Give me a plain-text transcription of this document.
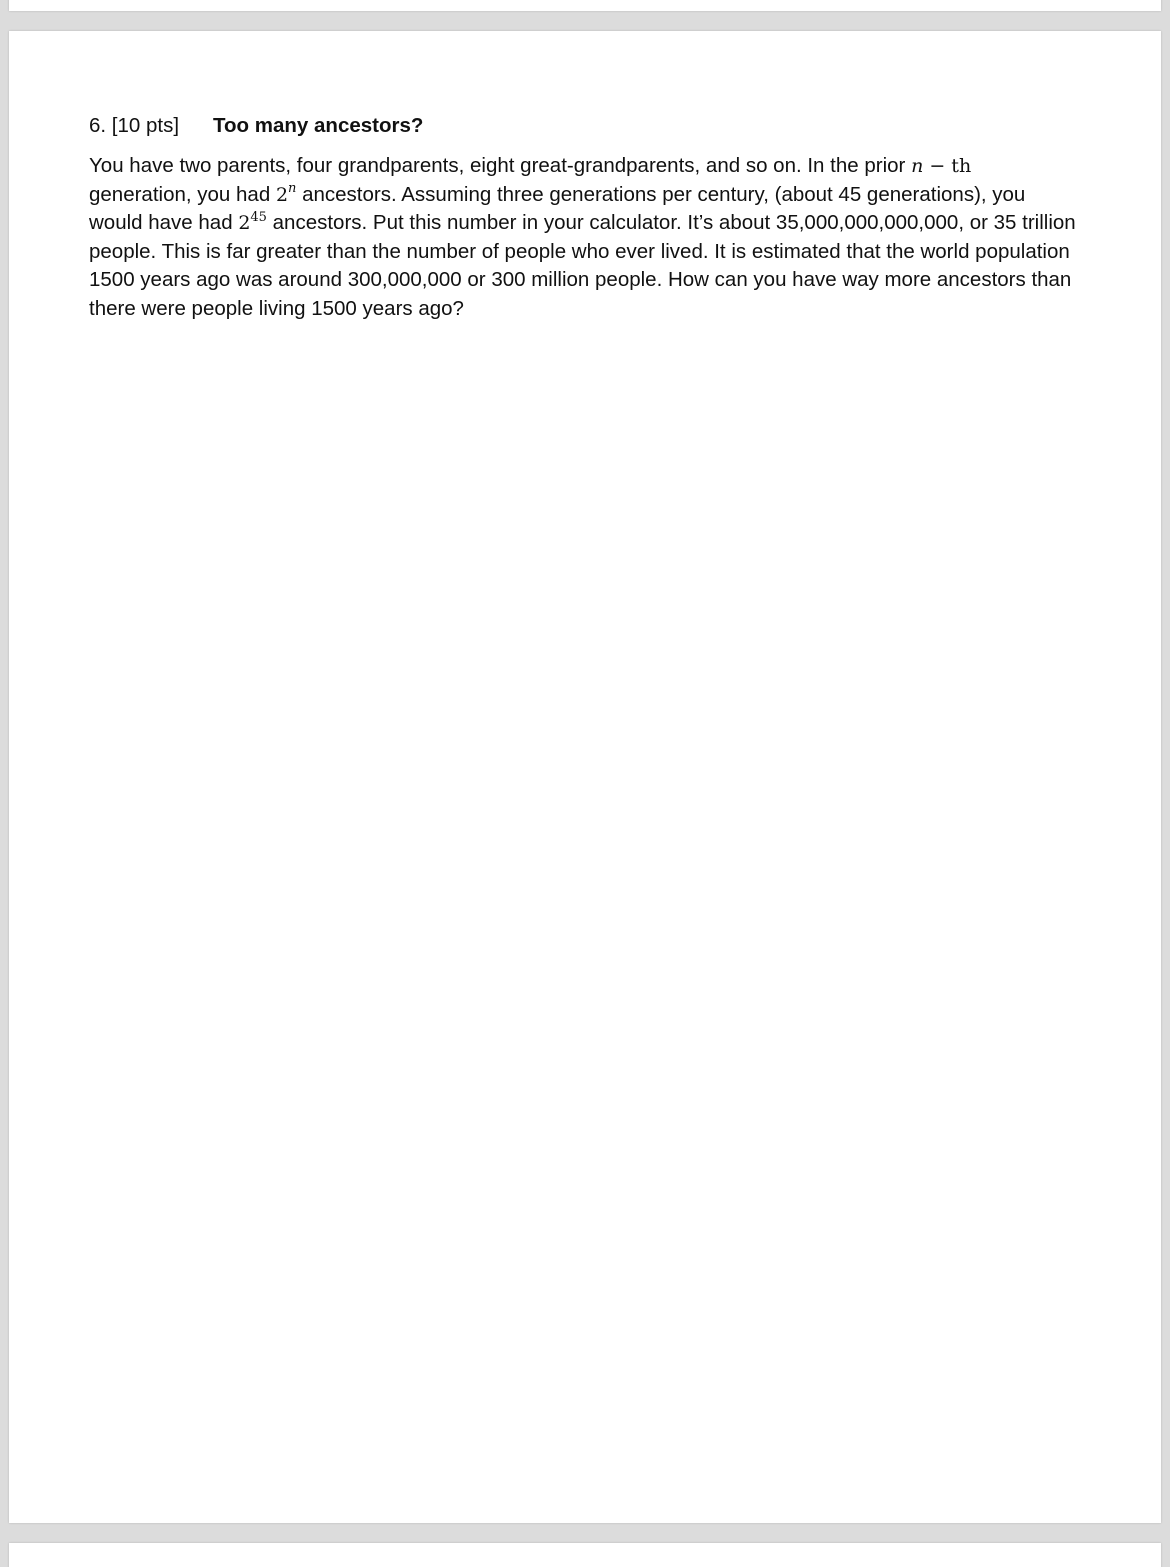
6. [10 pts] Too many ancestors?

You have two parents, four grandparents, eight great-grandparents, and so on. In the prior n − th generation, you had 2$^n$ ancestors. Assuming three generations per century, (about 45 generations), you would have had $2^{45}$ ancestors. Put this number in your calculator. It’s about 35,000,000,000,000, or 35 trillion people. This is far greater than the number of people who ever lived. It is estimated that the world population 1500 years ago was around 300,000,000 or 300 million people. How can you have way more ancestors than there were people living 1500 years ago?
